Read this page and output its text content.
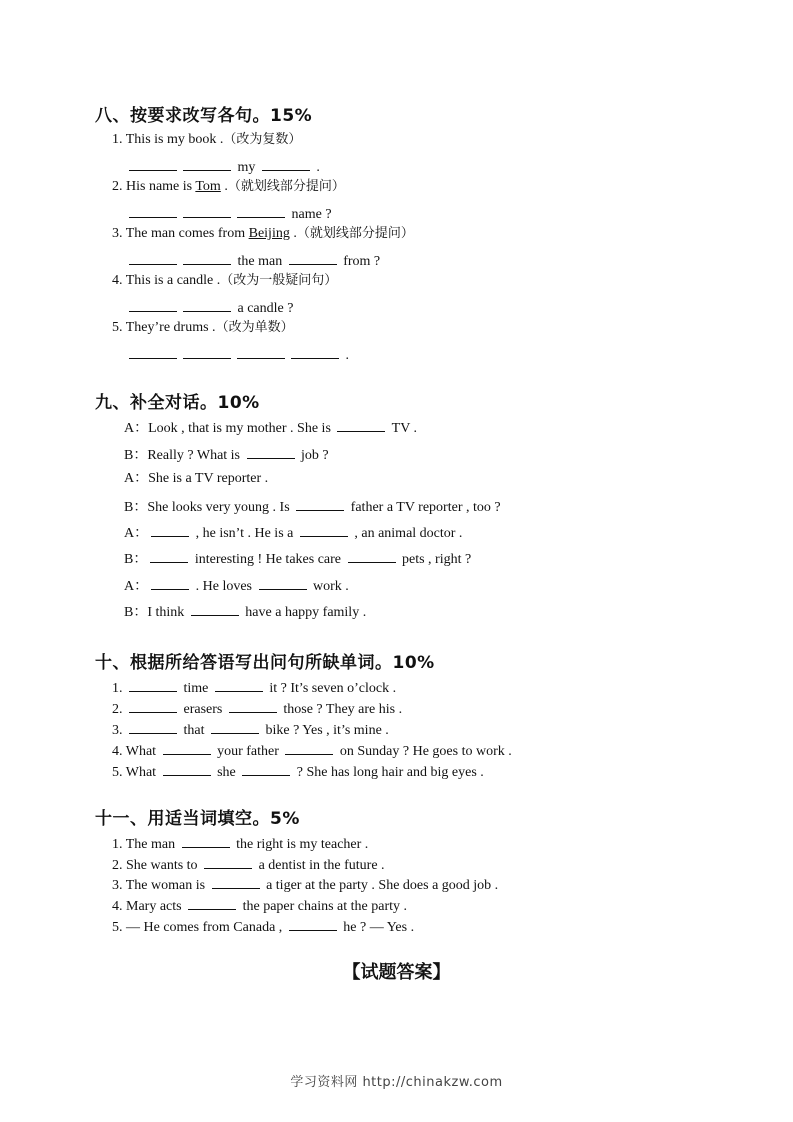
八、按要求改写各句。15%
1. This is my book .（改为复数）
my	.
2. His name is Tom .（就划线部分提问）
name ?
3. The man comes from Beijing .（就划线部分提问）
the man	from ?
4. This is a candle .（改为一般疑问句）
a candle ?
5. They’re drums .（改为单数）
.
九、补全对话。10%
A：Look , that is my mother . She is	TV .
B：Really ? What is	job ?
A：She is a TV reporter .
B：She looks very young . Is	father a TV reporter , too ?
A：	, he isn’t . He is a	, an animal doctor .
B：	interesting ! He takes care	pets , right ?
A：	. He loves	work .
B：I think	have a happy family .
十、根据所给答语写出问句所缺单词。10%
1.	time	it ? It’s seven o’clock .
2.	erasers	those ? They are his .
3.	that	bike ? Yes , it’s mine .
4. What	your father	on Sunday ? He goes to work .
5. What	she	? She has long hair and big eyes .
十一、用适当词填空。5%
1. The man	the right is my teacher .
2. She wants to	a dentist in the future .
3. The woman is	a tiger at the party . She does a good job .
4. Mary acts	the paper chains at the party .
5. — He comes from Canada ,	he ? — Yes .
【试题答案】
学习资料网 http://chinakzw.com
